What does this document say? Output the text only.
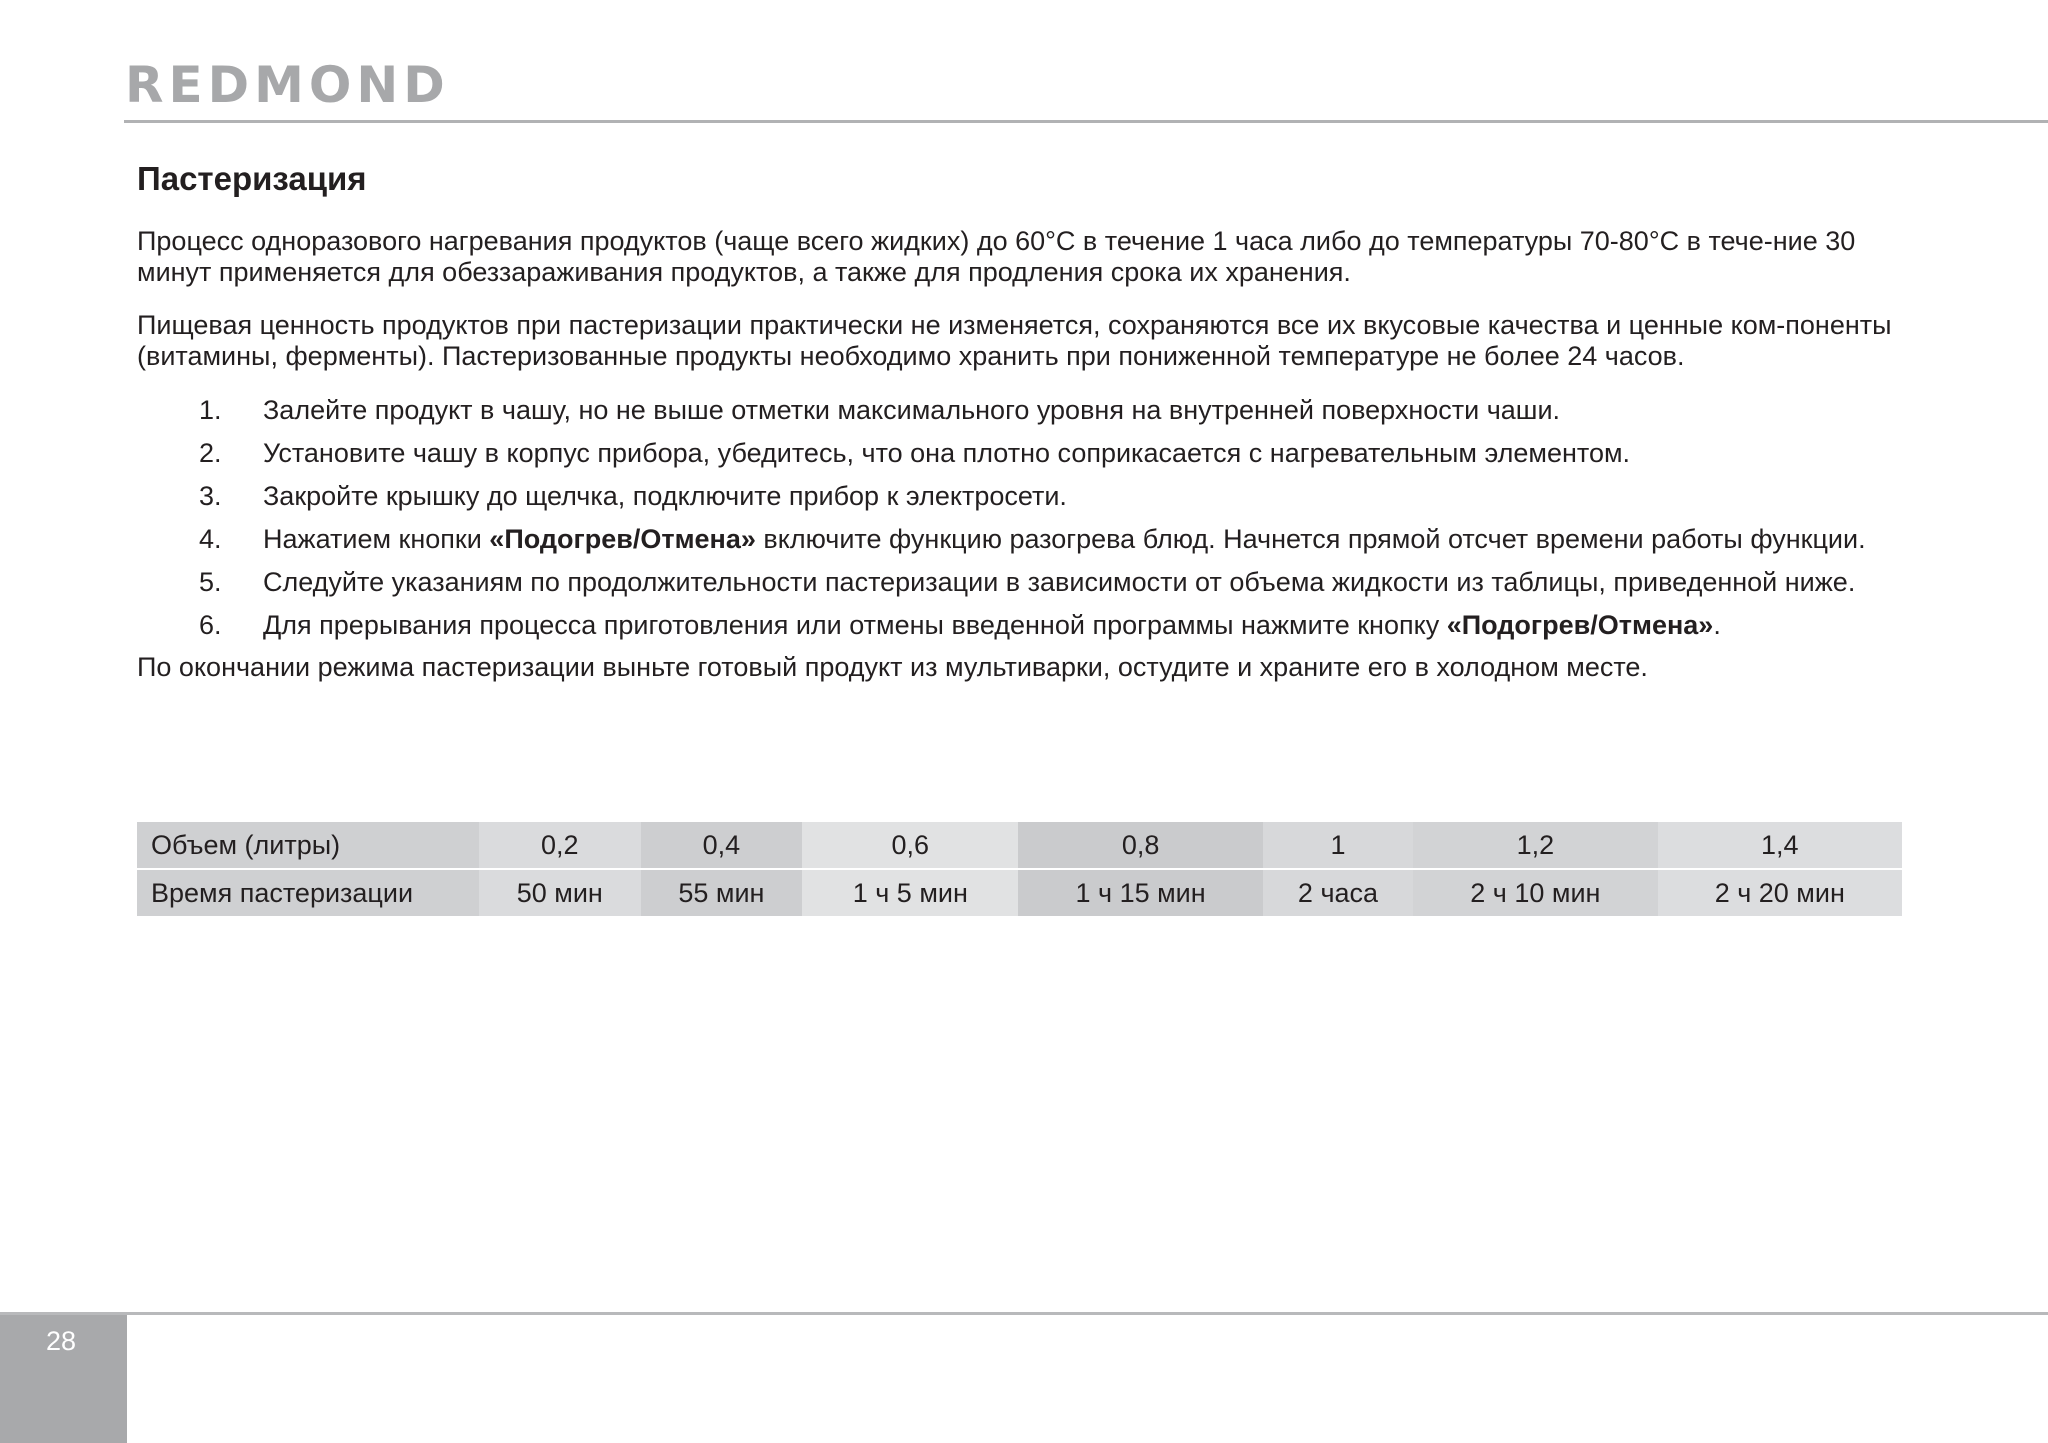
REDMOND
Пастеризация

Процесс одноразового нагревания продуктов (чаще всего жидких) до 60°С в течение 1 часа либо до температуры 70-80°С в тече-ние 30 минут применяется для обеззараживания продуктов, а также для продления срока их хранения.

Пищевая ценность продуктов при пастеризации практически не изменяется, сохраняются все их вкусовые качества и ценные ком-поненты (витамины, ферменты). Пастеризованные продукты необходимо хранить при пониженной температуре не более 24 часов.

1. Залейте продукт в чашу, но не выше отметки максимального уровня на внутренней поверхности чаши.
2. Установите чашу в корпус прибора, убедитесь, что она плотно соприкасается с нагревательным элементом.
3. Закройте крышку до щелчка, подключите прибор к электросети.
4. Нажатием кнопки «Подогрев/Отмена» включите функцию разогрева блюд. Начнется прямой отсчет времени работы функции.
5. Следуйте указаниям по продолжительности пастеризации в зависимости от объема жидкости из таблицы, приведенной ниже.
6. Для прерывания процесса приготовления или отмены введенной программы нажмите кнопку «Подогрев/Отмена».

По окончании режима пастеризации выньте готовый продукт из мультиварки, остудите и храните его в холодном месте.

Объем (литры)	0,2	0,4	0,6	0,8	1	1,2	1,4
Время пастеризации	50 мин	55 мин	1 ч 5 мин	1 ч 15 мин	2 часа	2 ч 10 мин	2 ч 20 мин
28
